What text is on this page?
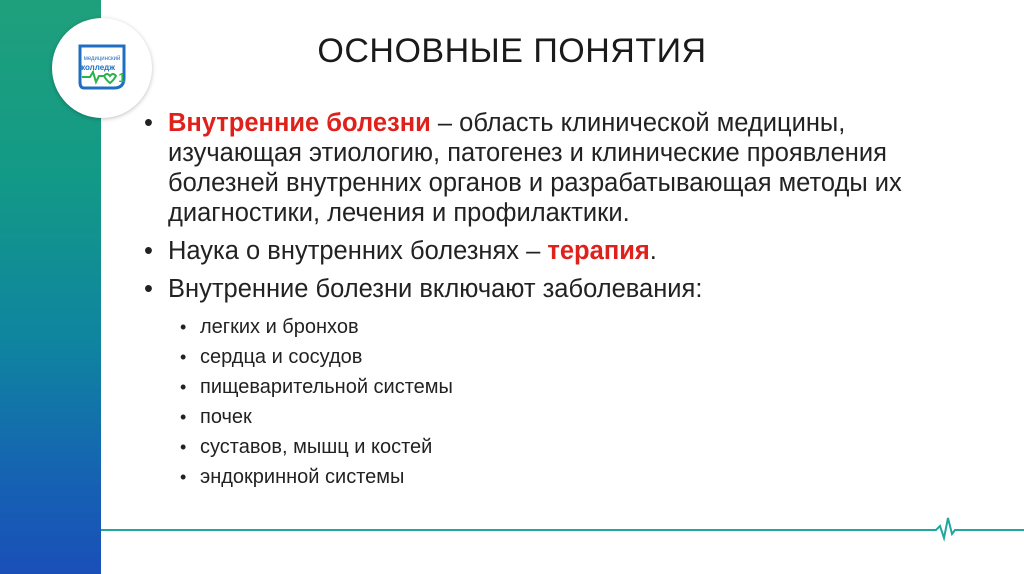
медицинский
колледж
1
ОСНОВНЫЕ ПОНЯТИЯ
• Внутренние болезни – область клинической медицины, изучающая этиологию, патогенез и клинические проявления болезней внутренних органов и разрабатывающая методы их диагностики, лечения и профилактики.
• Наука о внутренних болезнях – терапия.
• Внутренние болезни включают заболевания:
• легких и бронхов
• сердца и сосудов
• пищеварительной системы
• почек
• суставов, мышц и костей
• эндокринной системы
